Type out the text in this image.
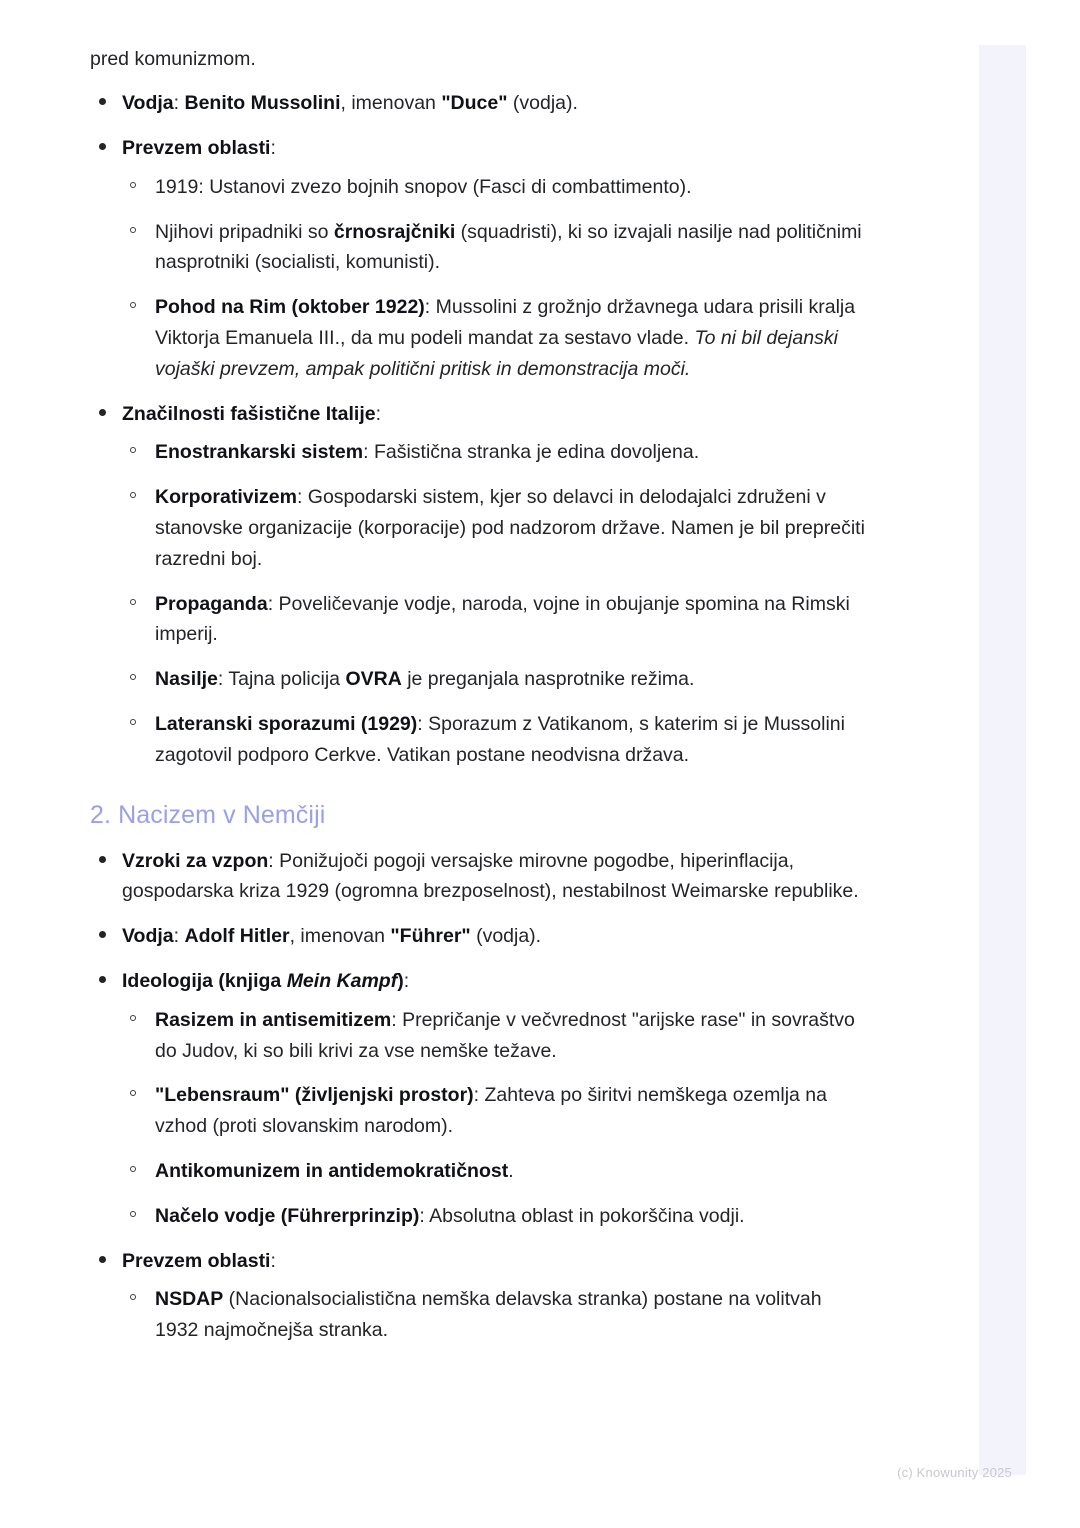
pred komunizmom.

Vodja: Benito Mussolini, imenovan "Duce" (vodja).
Prevzem oblasti:
1919: Ustanovi zvezo bojnih snopov (Fasci di combattimento).
Njihovi pripadniki so črnosrajčniki (squadristi), ki so izvajali nasilje nad političnimi nasprotniki (socialisti, komunisti).
Pohod na Rim (oktober 1922): Mussolini z grožnjo državnega udara prisili kralja Viktorja Emanuela III., da mu podeli mandat za sestavo vlade. To ni bil dejanski vojaški prevzem, ampak politični pritisk in demonstracija moči.
Značilnosti fašistične Italije:
Enostrankarski sistem: Fašistična stranka je edina dovoljena.
Korporativizem: Gospodarski sistem, kjer so delavci in delodajalci združeni v stanovske organizacije (korporacije) pod nadzorom države. Namen je bil preprečiti razredni boj.
Propaganda: Poveličevanje vodje, naroda, vojne in obujanje spomina na Rimski imperij.
Nasilje: Tajna policija OVRA je preganjala nasprotnike režima.
Lateranski sporazumi (1929): Sporazum z Vatikanom, s katerim si je Mussolini zagotovil podporo Cerkve. Vatikan postane neodvisna država.
2. Nacizem v Nemčiji
Vzroki za vzpon: Ponižujoči pogoji versajske mirovne pogodbe, hiperinflacija, gospodarska kriza 1929 (ogromna brezposelnost), nestabilnost Weimarske republike.
Vodja: Adolf Hitler, imenovan "Führer" (vodja).
Ideologija (knjiga Mein Kampf):
Rasizem in antisemitizem: Prepričanje v večvrednost "arijske rase" in sovraštvo do Judov, ki so bili krivi za vse nemške težave.
"Lebensraum" (življenjski prostor): Zahteva po širitvi nemškega ozemlja na vzhod (proti slovanskim narodom).
Antikomunizem in antidemokratičnost.
Načelo vodje (Führerprinzip): Absolutna oblast in pokorščina vodji.
Prevzem oblasti:
NSDAP (Nacionalsocialistična nemška delavska stranka) postane na volitvah 1932 najmočnejša stranka.
(c) Knowunity 2025
